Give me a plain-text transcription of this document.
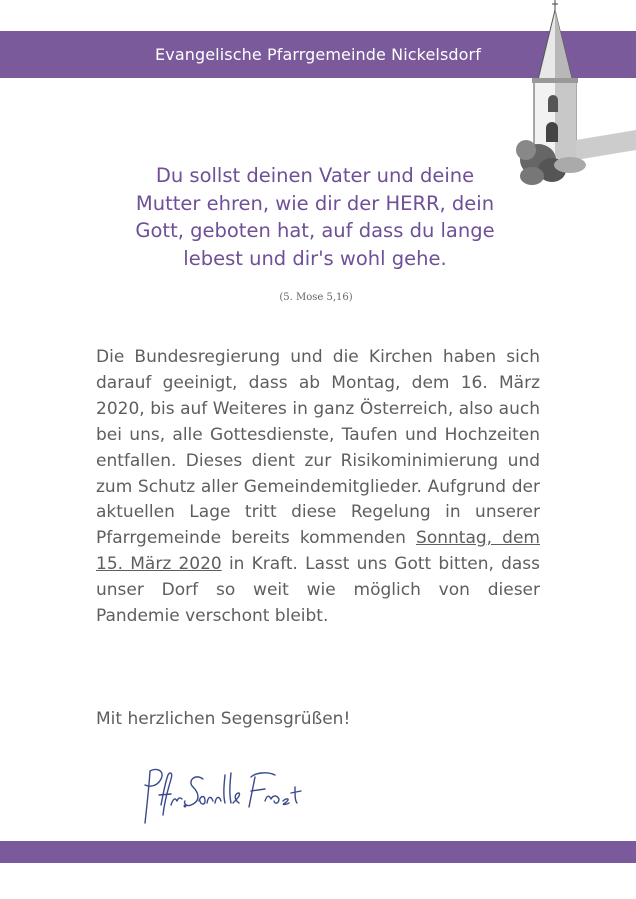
Evangelische Pfarrgemeinde Nickelsdorf
Du sollst deinen Vater und deine
Mutter ehren, wie dir der HERR, dein
Gott, geboten hat, auf dass du lange
lebest und dir's wohl gehe.
(5. Mose 5,16)
Die Bundesregierung und die Kirchen haben sich darauf geeinigt, dass ab Montag, dem 16. März 2020, bis auf Weiteres in ganz Österreich, also auch bei uns, alle Gottesdienste, Taufen und Hochzeiten entfallen. Dieses dient zur Risikominimierung und zum Schutz aller Gemeindemitglieder. Aufgrund der aktuellen Lage tritt diese Regelung in unserer Pfarrgemeinde bereits kommenden Sonntag, dem 15. März 2020 in Kraft. Lasst uns Gott bitten, dass unser Dorf so weit wie möglich von dieser Pandemie verschont bleibt.
Mit herzlichen Segensgrüßen!
